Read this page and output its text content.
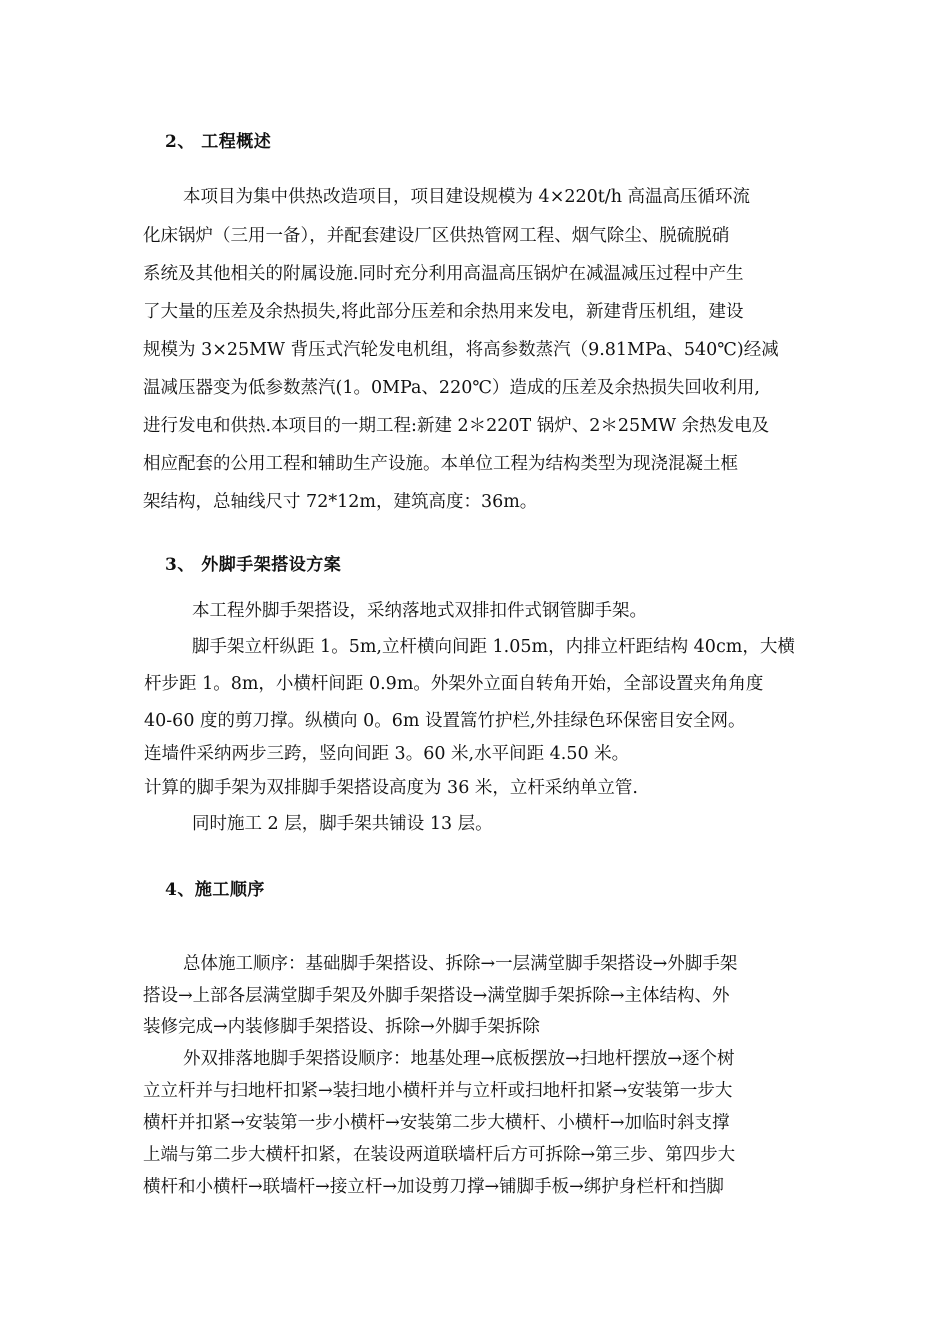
2、 工程概述
本项目为集中供热改造项目，项目建设规模为 4×220t/h 高温高压循环流
化床锅炉（三用一备），并配套建设厂区供热管网工程、烟气除尘、脱硫脱硝
系统及其他相关的附属设施.同时充分利用高温高压锅炉在减温减压过程中产生
了大量的压差及余热损失,将此部分压差和余热用来发电，新建背压机组，建设
规模为 3×25MW 背压式汽轮发电机组，将高参数蒸汽（9.81MPa、540℃)经减
温减压器变为低参数蒸汽(1。0MPa、220℃）造成的压差及余热损失回收利用,
进行发电和供热.本项目的一期工程:新建 2＊220T 锅炉、2＊25MW 余热发电及
相应配套的公用工程和辅助生产设施。本单位工程为结构类型为现浇混凝土框
架结构，总轴线尺寸 72*12m，建筑高度：36m。
3、 外脚手架搭设方案
本工程外脚手架搭设，采纳落地式双排扣件式钢管脚手架。
脚手架立杆纵距 1。5m,立杆横向间距 1.05m，内排立杆距结构 40cm，大横
杆步距 1。8m，小横杆间距 0.9m。外架外立面自转角开始，全部设置夹角角度
40-60 度的剪刀撑。纵横向 0。6m 设置篙竹护栏,外挂绿色环保密目安全网。
连墙件采纳两步三跨，竖向间距 3。60 米,水平间距 4.50 米。
计算的脚手架为双排脚手架搭设高度为 36 米，立杆采纳单立管.
同时施工 2 层，脚手架共铺设 13 层。
4、施工顺序
总体施工顺序：基础脚手架搭设、拆除→一层满堂脚手架搭设→外脚手架
搭设→上部各层满堂脚手架及外脚手架搭设→满堂脚手架拆除→主体结构、外
装修完成→内装修脚手架搭设、拆除→外脚手架拆除
外双排落地脚手架搭设顺序：地基处理→底板摆放→扫地杆摆放→逐个树
立立杆并与扫地杆扣紧→装扫地小横杆并与立杆或扫地杆扣紧→安装第一步大
横杆并扣紧→安装第一步小横杆→安装第二步大横杆、小横杆→加临时斜支撑
上端与第二步大横杆扣紧，在装设两道联墙杆后方可拆除→第三步、第四步大
横杆和小横杆→联墙杆→接立杆→加设剪刀撑→铺脚手板→绑护身栏杆和挡脚
